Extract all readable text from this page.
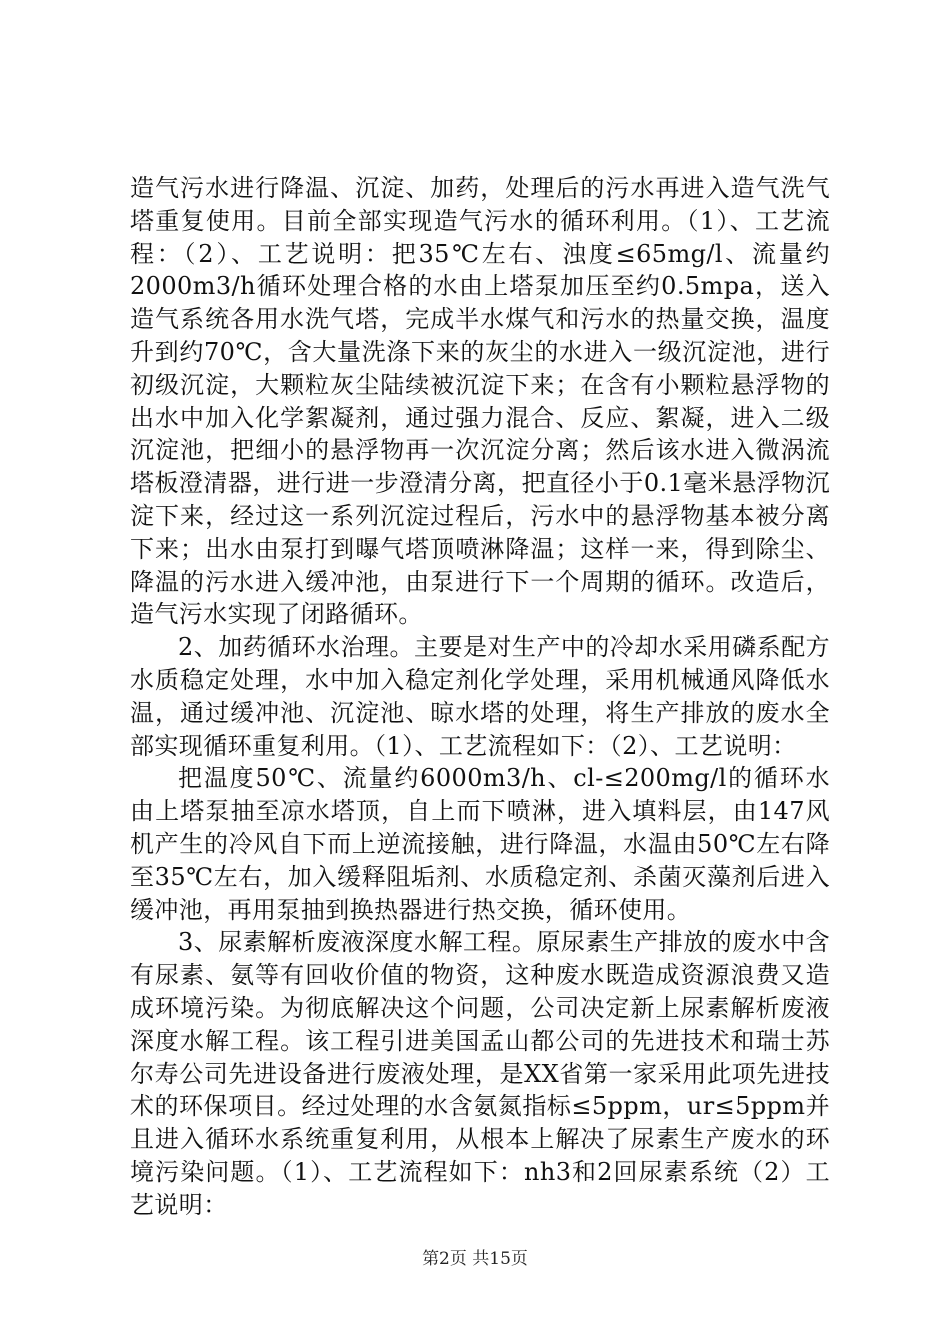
造气污水进行降温、沉淀、加药，处理后的污水再进入造气洗气塔重复使用。目前全部实现造气污水的循环利用。（1）、工艺流程：（2）、工艺说明：把35℃左右、浊度≤65mg/l、流量约2000m3/h循环处理合格的水由上塔泵加压至约0.5mpa，送入造气系统各用水洗气塔，完成半水煤气和污水的热量交换，温度升到约70℃，含大量洗涤下来的灰尘的水进入一级沉淀池，进行初级沉淀，大颗粒灰尘陆续被沉淀下来；在含有小颗粒悬浮物的出水中加入化学絮凝剂，通过强力混合、反应、絮凝，进入二级沉淀池，把细小的悬浮物再一次沉淀分离；然后该水进入微涡流塔板澄清器，进行进一步澄清分离，把直径小于0.1毫米悬浮物沉淀下来，经过这一系列沉淀过程后，污水中的悬浮物基本被分离下来；出水由泵打到曝气塔顶喷淋降温；这样一来，得到除尘、降温的污水进入缓冲池，由泵进行下一个周期的循环。改造后，造气污水实现了闭路循环。

2、加药循环水治理。主要是对生产中的冷却水采用磷系配方水质稳定处理，水中加入稳定剂化学处理，采用机械通风降低水温，通过缓冲池、沉淀池、晾水塔的处理，将生产排放的废水全部实现循环重复利用。（1）、工艺流程如下：（2）、工艺说明：

把温度50℃、流量约6000m3/h、cl-≤200mg/l的循环水由上塔泵抽至凉水塔顶，自上而下喷淋，进入填料层，由147风机产生的冷风自下而上逆流接触，进行降温，水温由50℃左右降至35℃左右，加入缓释阻垢剂、水质稳定剂、杀菌灭藻剂后进入缓冲池，再用泵抽到换热器进行热交换，循环使用。

3、尿素解析废液深度水解工程。原尿素生产排放的废水中含有尿素、氨等有回收价值的物资，这种废水既造成资源浪费又造成环境污染。为彻底解决这个问题，公司决定新上尿素解析废液深度水解工程。该工程引进美国孟山都公司的先进技术和瑞士苏尔寿公司先进设备进行废液处理，是XX省第一家采用此项先进技术的环保项目。经过处理的水含氨氮指标≤5ppm，ur≤5ppm并且进入循环水系统重复利用，从根本上解决了尿素生产废水的环境污染问题。（1）、工艺流程如下：nh3和2回尿素系统（2）工艺说明：

第2页 共15页
